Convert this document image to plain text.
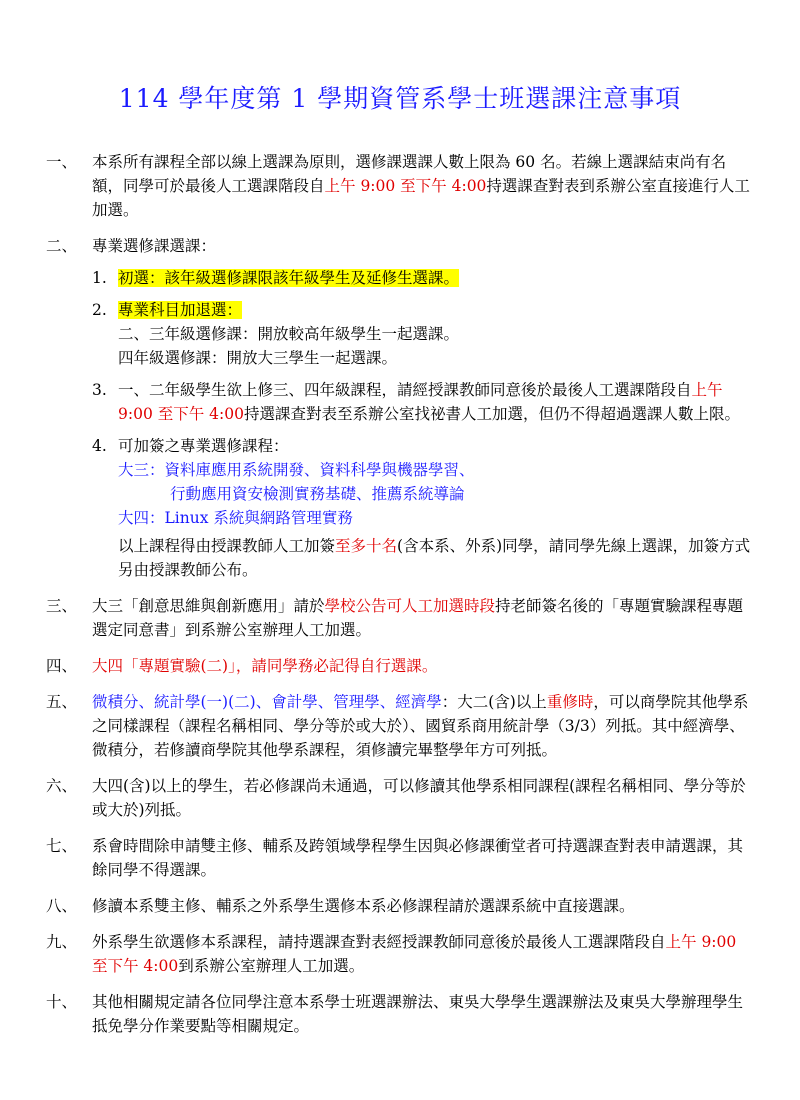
114 學年度第 1 學期資管系學士班選課注意事項
一、 本系所有課程全部以線上選課為原則，選修課選課人數上限為 60 名。若線上選課結束尚有名額，同學可於最後人工選課階段自上午 9:00 至下午 4:00持選課查對表到系辦公室直接進行人工加選。
二、 專業選修課選課：
1. 初選：該年級選修課限該年級學生及延修生選課。
2. 專業科目加退選：
二、三年級選修課：開放較高年級學生一起選課。
四年級選修課：開放大三學生一起選課。
3. 一、二年級學生欲上修三、四年級課程，請經授課教師同意後於最後人工選課階段自上午 9:00 至下午 4:00持選課查對表至系辦公室找祕書人工加選，但仍不得超過選課人數上限。
4. 可加簽之專業選修課程：
大三：資料庫應用系統開發、資料科學與機器學習、
行動應用資安檢測實務基礎、推薦系統導論
大四：Linux 系統與網路管理實務
以上課程得由授課教師人工加簽至多十名(含本系、外系)同學，請同學先線上選課，加簽方式另由授課教師公布。
三、 大三「創意思維與創新應用」請於學校公告可人工加選時段持老師簽名後的「專題實驗課程專題選定同意書」到系辦公室辦理人工加選。
四、 大四「專題實驗(二)」，請同學務必記得自行選課。
五、 微積分、統計學(一)(二)、會計學、管理學、經濟學：大二(含)以上重修時，可以商學院其他學系之同樣課程（課程名稱相同、學分等於或大於）、國貿系商用統計學（3/3）列抵。其中經濟學、微積分，若修讀商學院其他學系課程，須修讀完畢整學年方可列抵。
六、 大四(含)以上的學生，若必修課尚未通過，可以修讀其他學系相同課程(課程名稱相同、學分等於或大於)列抵。
七、 系會時間除申請雙主修、輔系及跨領域學程學生因與必修課衝堂者可持選課查對表申請選課，其餘同學不得選課。
八、 修讀本系雙主修、輔系之外系學生選修本系必修課程請於選課系統中直接選課。
九、 外系學生欲選修本系課程，請持選課查對表經授課教師同意後於最後人工選課階段自上午 9:00 至下午 4:00到系辦公室辦理人工加選。
十、 其他相關規定請各位同學注意本系學士班選課辦法、東吳大學學生選課辦法及東吳大學辦理學生抵免學分作業要點等相關規定。
